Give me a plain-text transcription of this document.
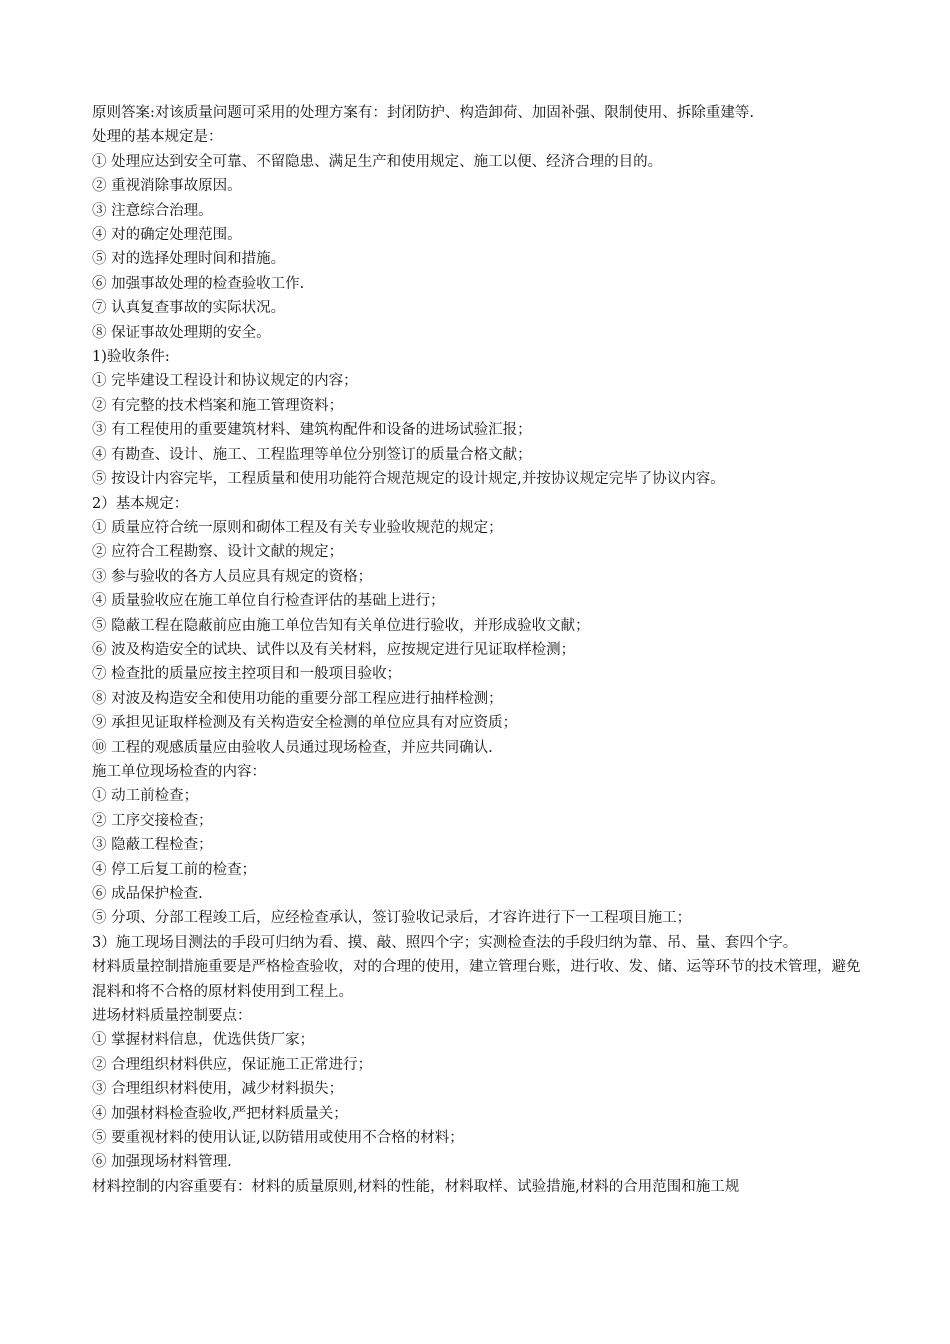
原则答案:对该质量问题可采用的处理方案有：封闭防护、构造卸荷、加固补强、限制使用、拆除重建等.

处理的基本规定是：

① 处理应达到安全可靠、不留隐患、满足生产和使用规定、施工以便、经济合理的目的。

② 重视消除事故原因。

③ 注意综合治理。

④ 对的确定处理范围。

⑤ 对的选择处理时间和措施。

⑥ 加强事故处理的检查验收工作.

⑦ 认真复查事故的实际状况。

⑧ 保证事故处理期的安全。

1)验收条件:

① 完毕建设工程设计和协议规定的内容；

② 有完整的技术档案和施工管理资料；

③ 有工程使用的重要建筑材料、建筑构配件和设备的进场试验汇报；

④ 有勘查、设计、施工、工程监理等单位分别签订的质量合格文献；

⑤ 按设计内容完毕，工程质量和使用功能符合规范规定的设计规定,并按协议规定完毕了协议内容。

2）基本规定：

① 质量应符合统一原则和砌体工程及有关专业验收规范的规定；

② 应符合工程勘察、设计文献的规定；

③ 参与验收的各方人员应具有规定的资格；

④ 质量验收应在施工单位自行检查评估的基础上进行；

⑤ 隐蔽工程在隐蔽前应由施工单位告知有关单位进行验收，并形成验收文献；

⑥ 波及构造安全的试块、试件以及有关材料，应按规定进行见证取样检测；

⑦ 检查批的质量应按主控项目和一般项目验收；

⑧ 对波及构造安全和使用功能的重要分部工程应进行抽样检测；

⑨ 承担见证取样检测及有关构造安全检测的单位应具有对应资质；

⑩ 工程的观感质量应由验收人员通过现场检查，并应共同确认.

施工单位现场检查的内容：

① 动工前检查；

② 工序交接检查；

③ 隐蔽工程检查；

④ 停工后复工前的检查；

⑥ 成品保护检查.

⑤ 分项、分部工程竣工后，应经检查承认，签订验收记录后，才容许进行下一工程项目施工；

3）施工现场目测法的手段可归纳为看、摸、敲、照四个字；实测检查法的手段归纳为靠、吊、量、套四个字。

材料质量控制措施重要是严格检查验收，对的合理的使用，建立管理台账，进行收、发、储、运等环节的技术管理，避免混料和将不合格的原材料使用到工程上。

进场材料质量控制要点：

① 掌握材料信息，优选供货厂家；

② 合理组织材料供应，保证施工正常进行；

③ 合理组织材料使用，减少材料损失；

④ 加强材料检查验收,严把材料质量关；

⑤ 要重视材料的使用认证,以防错用或使用不合格的材料；

⑥ 加强现场材料管理.

材料控制的内容重要有：材料的质量原则,材料的性能，材料取样、试验措施,材料的合用范围和施工规
